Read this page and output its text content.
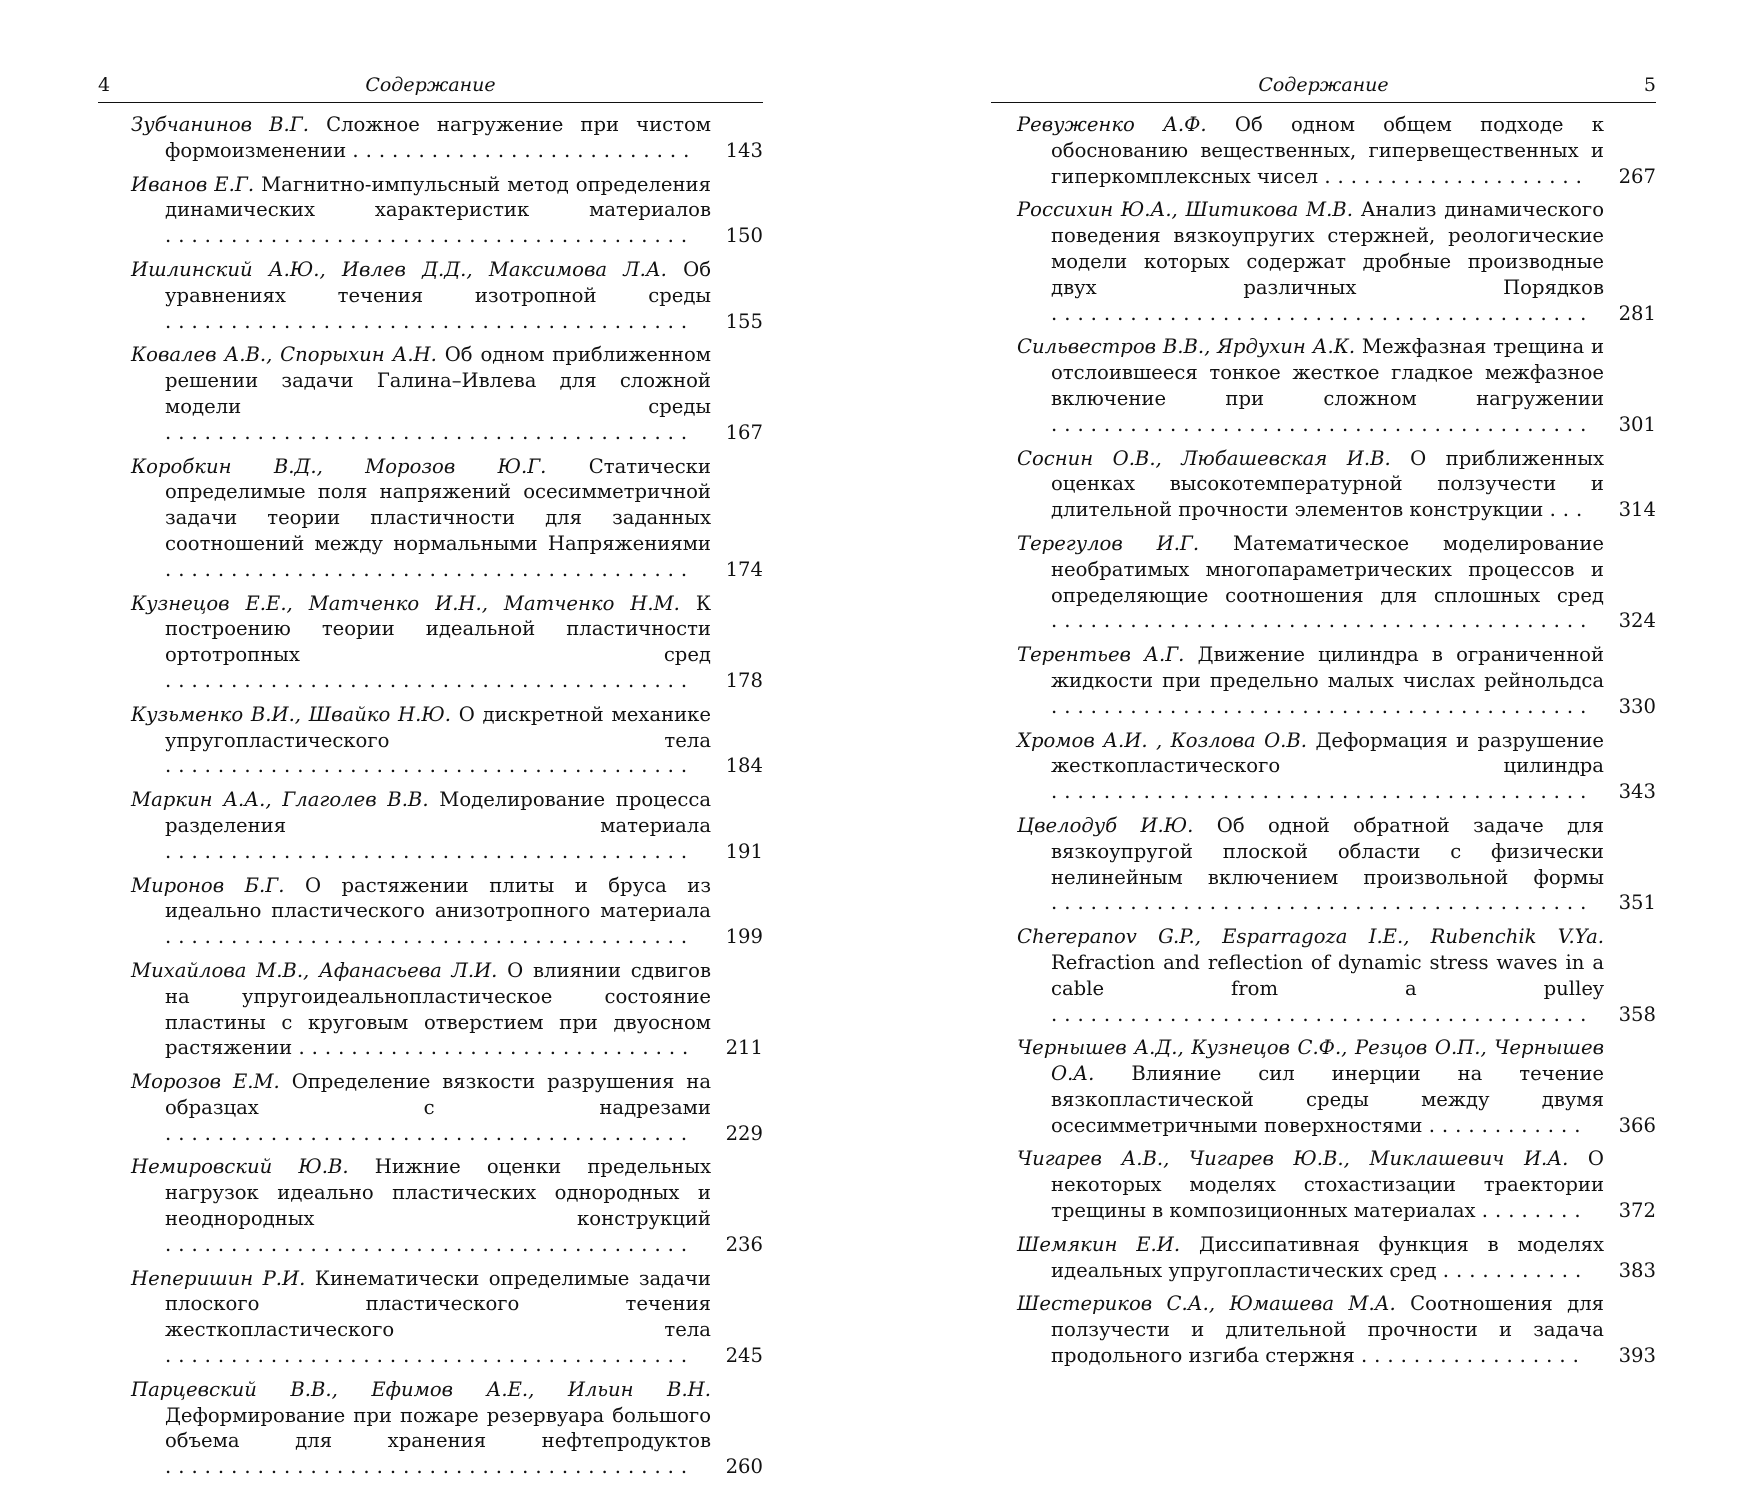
4	Содержание
Зубчанинов В.Г. Сложное нагружение при чистом формоизменении ..........................	143
Иванов Е.Г. Магнитно-импульсный метод определения динамических характеристик материалов ........................................	150
Ишлинский А.Ю., Ивлев Д.Д., Максимова Л.А. Об уравнениях течения изотропной среды ........................................	155
Ковалев А.В., Спорыхин А.Н. Об одном приближенном решении задачи Галина–Ивлева для сложной модели среды ........................................	167
Коробкин В.Д., Морозов Ю.Г. Статически определимые поля напряжений осесимметричной задачи теории пластичности для заданных соотношений между нормальными Напряжениями ........................................	174
Кузнецов Е.Е., Матченко И.Н., Матченко Н.М. К построению теории идеальной пластичности ортотропных сред ........................................	178
Кузьменко В.И., Швайко Н.Ю. О дискретной механике упругопластического тела ........................................	184
Маркин А.А., Глаголев В.В. Моделирование процесса разделения материала ........................................	191
Миронов Б.Г. О растяжении плиты и бруса из идеально пластического анизотропного материала ........................................	199
Михайлова М.В., Афанасьева Л.И. О влиянии сдвигов на упругоидеальнопластическое состояние пластины с круговым отверстием при двуосном растяжении ..............................	211
Морозов Е.М. Определение вязкости разрушения на образцах с надрезами ........................................	229
Немировский Ю.В. Нижние оценки предельных нагрузок идеально пластических однородных и неоднородных конструкций ........................................	236
Неперишин Р.И. Кинематически определимые задачи плоского пластического течения жесткопластического тела ........................................	245
Парцевский В.В., Ефимов А.Е., Ильин В.Н. Деформирование при пожаре резервуара большого объема для хранения нефтепродуктов ........................................	260
Содержание	5
Ревуженко А.Ф. Об одном общем подходе к обоснованию вещественных, гипервещественных и гиперкомплексных чисел ....................	267
Россихин Ю.А., Шитикова М.В. Анализ динамического поведения вязкоупругих стержней, реологические модели которых содержат дробные производные двух различных Порядков .........................................	281
Сильвестров В.В., Ярдухин А.К. Межфазная трещина и отслоившееся тонкое жесткое гладкое межфазное включение при сложном нагружении .........................................	301
Соснин О.В., Любашевская И.В. О приближенных оценках высокотемпературной ползучести и длительной прочности элементов конструкции ...	314
Терегулов И.Г. Математическое моделирование необратимых многопараметрических процессов и определяющие соотношения для сплошных сред .........................................	324
Терентьев А.Г. Движение цилиндра в ограниченной жидкости при предельно малых числах рейнольдса .........................................	330
Хромов А.И. , Козлова О.В. Деформация и разрушение жесткопластического цилиндра .........................................	343
Цвелодуб И.Ю. Об одной обратной задаче для вязкоупругой плоской области с физически нелинейным включением произвольной формы .........................................	351
Cherepanov G.P., Esparragoza I.E., Rubenchik V.Ya. Refraction and reflection of dynamic stress waves in a cable from a pulley .........................................	358
Чернышев А.Д., Кузнецов С.Ф., Резцов О.П., Чернышев О.А. Влияние сил инерции на течение вязкопластической среды между двумя осесимметричными поверхностями ............	366
Чигарев А.В., Чигарев Ю.В., Миклашевич И.А. О некоторых моделях стохастизации траектории трещины в композиционных материалах ........	372
Шемякин Е.И. Диссипативная функция в моделях идеальных упругопластических сред ...........	383
Шестериков С.А., Юмашева М.А. Соотношения для ползучести и длительной прочности и задача продольного изгиба стержня .................	393
